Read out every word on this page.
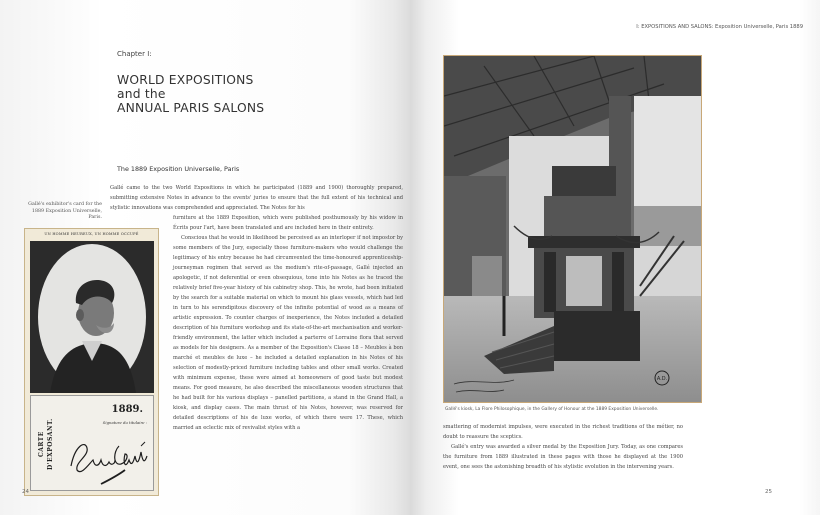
Chapter I:
WORLD EXPOSITIONS
and the
ANNUAL PARIS SALONS
The 1889 Exposition Universelle, Paris
Gallé came to the two World Expositions in which he participated (1889 and 1900) thoroughly prepared, submitting extensive Notes in advance to the events' juries to ensure that the full extent of his technical and stylistic innovations was comprehended and appreciated. The Notes for his

furniture at the 1889 Exposition, which were published posthumously by his widow in Écrits pour l'art, have been translated and are included here in their entirety.

Conscious that he would in likelihood be perceived as an interloper if not impostor by some members of the Jury, especially those furniture-makers who would challenge the legitimacy of his entry because he had circumvented the time-honoured apprenticeship-journeyman regimen that served as the medium's rite-of-passage, Gallé injected an apologetic, if not deferential or even obsequious, tone into his Notes as he traced the relatively brief five-year history of his cabinetry shop. This, he wrote, had been initiated by the search for a suitable material on which to mount his glass vessels, which had led in turn to his serendipitous discovery of the infinite potential of wood as a means of artistic expression. To counter charges of inexperience, the Notes included a detailed description of his furniture workshop and its state-of-the-art mechanisation and worker-friendly environment, the latter which included a parterre of Lorraine flora that served as models for his designers. As a member of the Exposition's Classe 18 – Meubles à bon marché et meubles de luxe – he included a detailed explanation in his Notes of his selection of modestly-priced furniture including tables and other small works. Created with minimum expense, these were aimed at homeowners of good taste but modest means. For good measure, he also described the miscellaneous wooden structures that he had built for his various displays – panelled partitions, a stand in the Grand Hall, a kiosk, and display cases. The main thrust of his Notes, however, was reserved for detailed descriptions of his de luxe works, of which there were 17. These, which married an eclectic mix of revivalist styles with a

Gallé's exhibitor's card for the 1889 Exposition Universelle, Paris.
UN HOMME HEUREUX, UN HOMME OCCUPÉ
CARTE D'EXPOSANT.
1889.
Signature du titulaire :
24
I: EXPOSITIONS AND SALONS: Exposition Universelle, Paris 1889
A.D.
Gallé's kiosk, La Flore Philosophique, in the Gallery of Honour at the 1889 Exposition Universelle.

smattering of modernist impulses, were executed in the richest traditions of the métier, no doubt to reassure the sceptics.

Gallé's entry was awarded a silver medal by the Exposition Jury. Today, as one compares the furniture from 1889 illustrated in these pages with those he displayed at the 1900 event, one sees the astonishing breadth of his stylistic evolution in the intervening years.

25
